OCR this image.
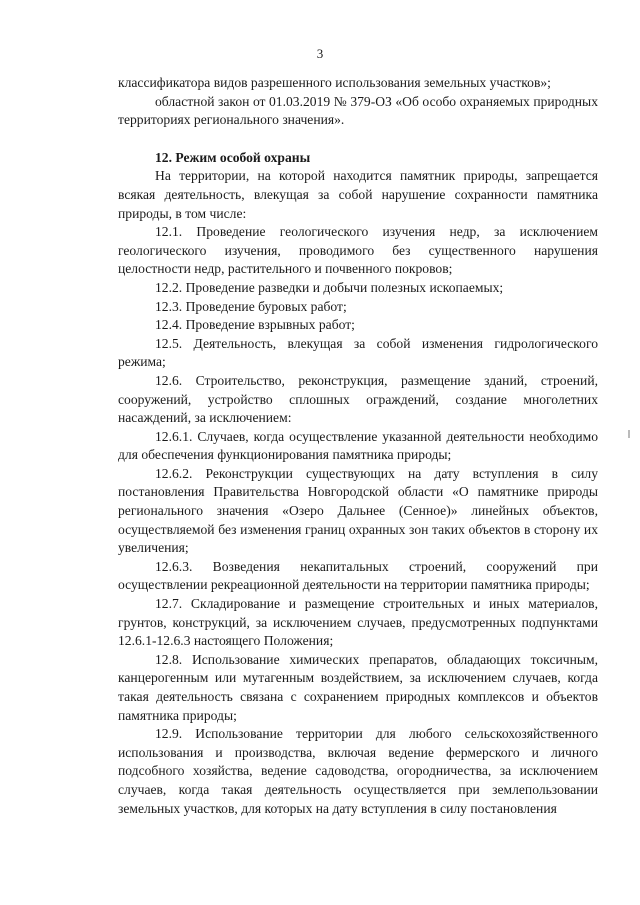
3

классификатора видов разрешенного использования земельных участков»;

областной закон от 01.03.2019 № 379-ОЗ «Об особо охраняемых природных территориях регионального значения».

12. Режим особой охраны

На территории, на которой находится памятник природы, запрещается всякая деятельность, влекущая за собой нарушение сохранности памятника природы, в том числе:

12.1. Проведение геологического изучения недр, за исключением геологического изучения, проводимого без существенного нарушения целостности недр, растительного и почвенного покровов;

12.2. Проведение разведки и добычи полезных ископаемых;

12.3. Проведение буровых работ;

12.4. Проведение взрывных работ;

12.5. Деятельность, влекущая за собой изменения гидрологического режима;

12.6. Строительство, реконструкция, размещение зданий, строений, сооружений, устройство сплошных ограждений, создание многолетних насаждений, за исключением:

12.6.1. Случаев, когда осуществление указанной деятельности необходимо для обеспечения функционирования памятника природы;

12.6.2. Реконструкции существующих на дату вступления в силу постановления Правительства Новгородской области «О памятнике природы регионального значения «Озеро Дальнее (Сенное)» линейных объектов, осуществляемой без изменения границ охранных зон таких объектов в сторону их увеличения;

12.6.3. Возведения некапитальных строений, сооружений при осуществлении рекреационной деятельности на территории памятника природы;

12.7. Складирование и размещение строительных и иных материалов, грунтов, конструкций, за исключением случаев, предусмотренных подпунктами 12.6.1-12.6.3 настоящего Положения;

12.8. Использование химических препаратов, обладающих токсичным, канцерогенным или мутагенным воздействием, за исключением случаев, когда такая деятельность связана с сохранением природных комплексов и объектов памятника природы;

12.9. Использование территории для любого сельскохозяйственного использования и производства, включая ведение фермерского и личного подсобного хозяйства, ведение садоводства, огородничества, за исключением случаев, когда такая деятельность осуществляется при землепользовании земельных участков, для которых на дату вступления в силу постановления
